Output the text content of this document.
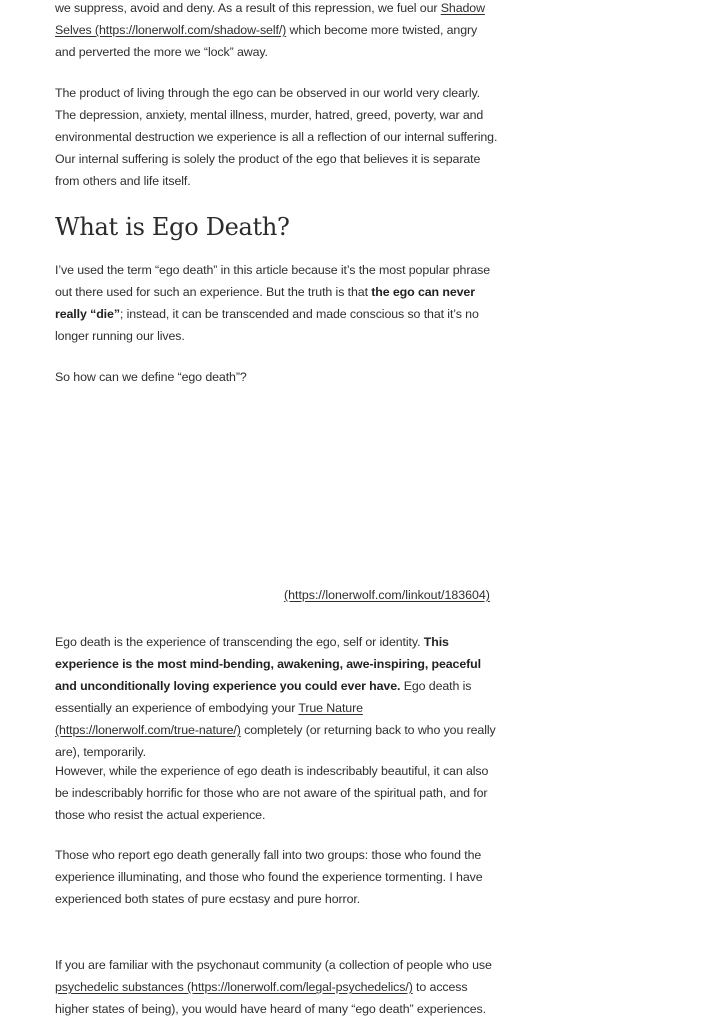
we suppress, avoid and deny. As a result of this repression, we fuel our Shadow Selves (https://lonerwolf.com/shadow-self/) which become more twisted, angry and perverted the more we “lock” away.

The product of living through the ego can be observed in our world very clearly. The depression, anxiety, mental illness, murder, hatred, greed, poverty, war and environmental destruction we experience is all a reflection of our internal suffering. Our internal suffering is solely the product of the ego that believes it is separate from others and life itself.

What is Ego Death?

I’ve used the term “ego death” in this article because it’s the most popular phrase out there used for such an experience. But the truth is that the ego can never really “die”; instead, it can be transcended and made conscious so that it’s no longer running our lives.

So how can we define “ego death”?

(https://lonerwolf.com/linkout/183604)

Ego death is the experience of transcending the ego, self or identity. This experience is the most mind-bending, awakening, awe-inspiring, peaceful and unconditionally loving experience you could ever have. Ego death is essentially an experience of embodying your True Nature (https://lonerwolf.com/true-nature/) completely (or returning back to who you really are), temporarily.

However, while the experience of ego death is indescribably beautiful, it can also be indescribably horrific for those who are not aware of the spiritual path, and for those who resist the actual experience.

Those who report ego death generally fall into two groups: those who found the experience illuminating, and those who found the experience tormenting. I have experienced both states of pure ecstasy and pure horror.

If you are familiar with the psychonaut community (a collection of people who use psychedelic substances (https://lonerwolf.com/legal-psychedelics/) to access higher states of being), you would have heard of many “ego death” experiences.
